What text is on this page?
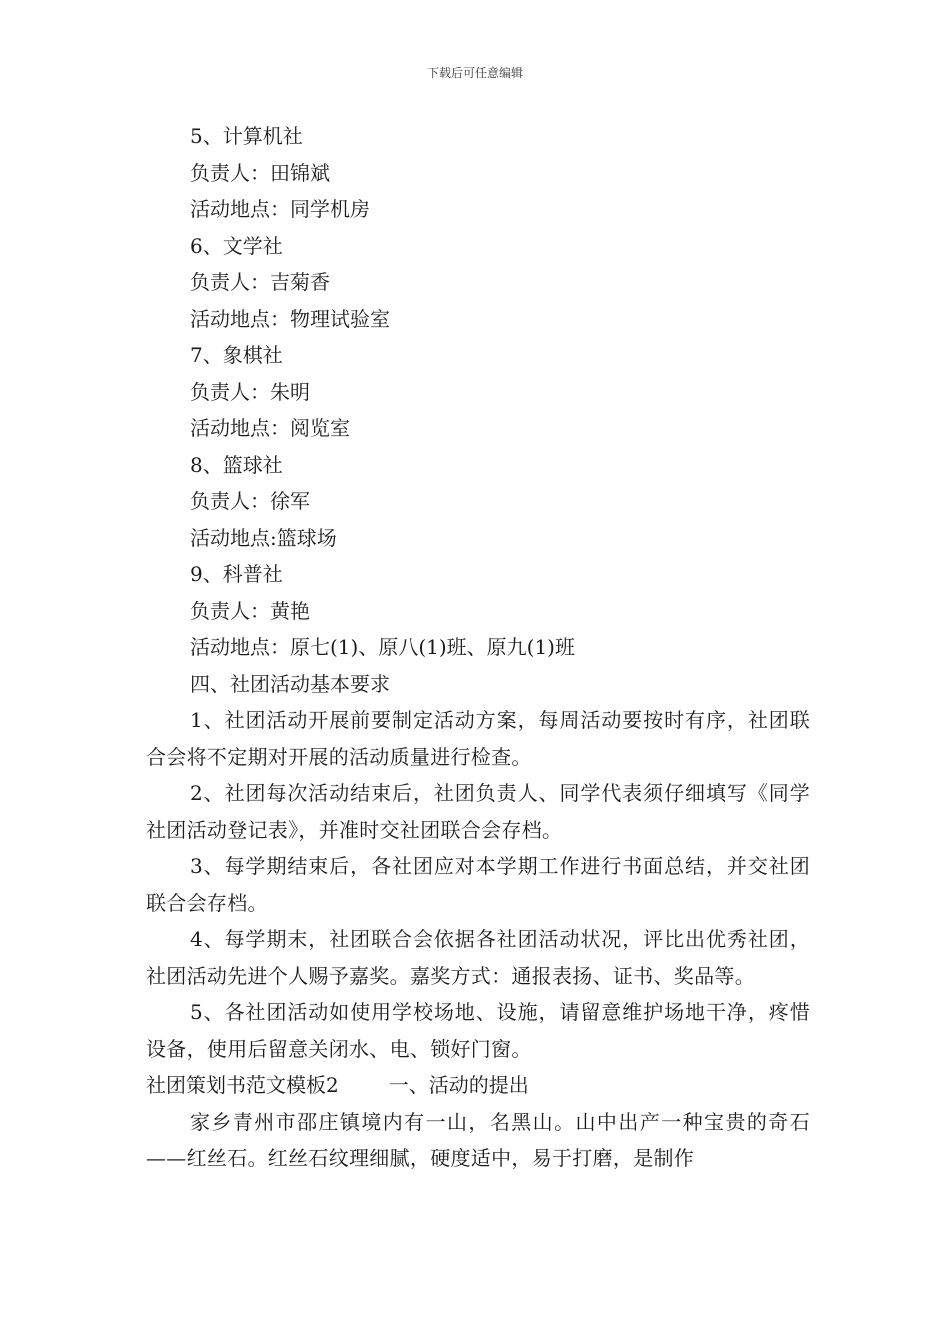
下载后可任意编辑
5、计算机社
负责人：田锦斌
活动地点：同学机房
6、文学社
负责人：吉菊香
活动地点：物理试验室
7、象棋社
负责人：朱明
活动地点：阅览室
8、篮球社
负责人：徐军
活动地点:篮球场
9、科普社
负责人：黄艳
活动地点：原七(1)、原八(1)班、原九(1)班
四、社团活动基本要求
1、社团活动开展前要制定活动方案，每周活动要按时有序，社团联合会将不定期对开展的活动质量进行检查。
2、社团每次活动结束后，社团负责人、同学代表须仔细填写《同学社团活动登记表》，并准时交社团联合会存档。
3、每学期结束后，各社团应对本学期工作进行书面总结，并交社团联合会存档。
4、每学期末，社团联合会依据各社团活动状况，评比出优秀社团，社团活动先进个人赐予嘉奖。嘉奖方式：通报表扬、证书、奖品等。
5、各社团活动如使用学校场地、设施，请留意维护场地干净，疼惜设备，使用后留意关闭水、电、锁好门窗。
社团策划书范文模板2	一、活动的提出
家乡青州市邵庄镇境内有一山，名黑山。山中出产一种宝贵的奇石——红丝石。红丝石纹理细腻，硬度适中，易于打磨，是制作
